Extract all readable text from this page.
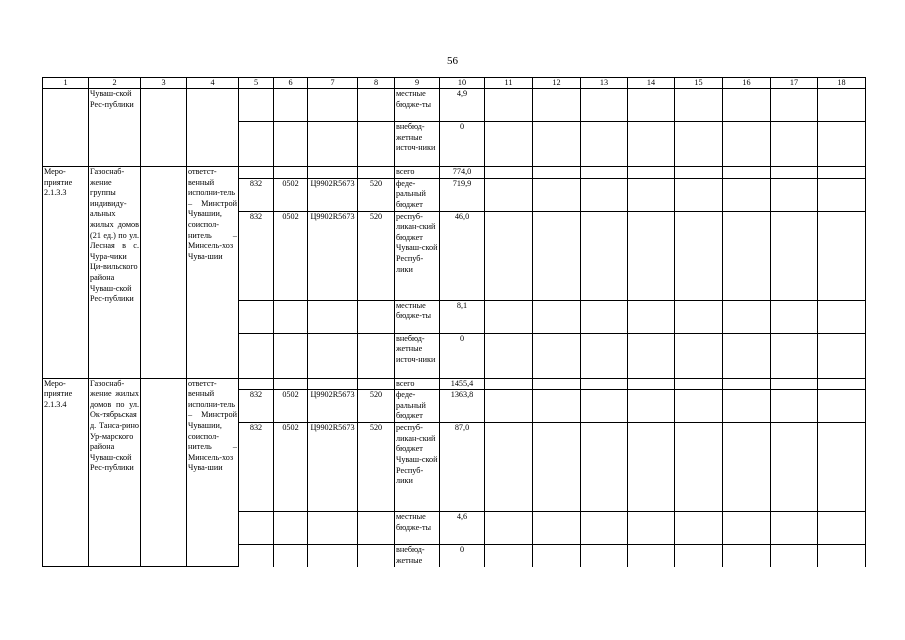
56
1	2	3	4	5	6	7	8	9	10	11	12	13	14	15	16	17	18
	Чуваш-ской Рес-публики							местные бюдже-ты	4,9								
								внебюд-жетные источ-ники	0								
Меро-приятие 2.1.3.3	Газоснаб-жение группы индивиду-альных жилых домов (21 ед.) по ул. Лесная в с. Чура-чики Ци-вильского района Чуваш-ской Рес-публики		ответст-венный исполни-тель – Минстрой Чувашии, соиспол-нитель – Минсель-хоз Чува-шии					всего	774,0								
				832	0502	Ц9902R5673	520	феде-ральный бюджет	719,9								
				832	0502	Ц9902R5673	520	респуб-ликан-ский бюджет Чуваш-ской Респуб-лики	46,0								
								местные бюдже-ты	8,1								
								внебюд-жетные источ-ники	0								
Меро-приятие 2.1.3.4	Газоснаб-жение жилых домов по ул. Ок-тябрьская д. Танса-рино Ур-марского района Чуваш-ской Рес-публики		ответст-венный исполни-тель – Минстрой Чувашии, соиспол-нитель – Минсель-хоз Чува-шии					всего	1455,4								
				832	0502	Ц9902R5673	520	феде-ральный бюджет	1363,8								
				832	0502	Ц9902R5673	520	респуб-ликан-ский бюджет Чуваш-ской Респуб-лики	87,0								
								местные бюдже-ты	4,6								
								внебюд-жетные	0								
